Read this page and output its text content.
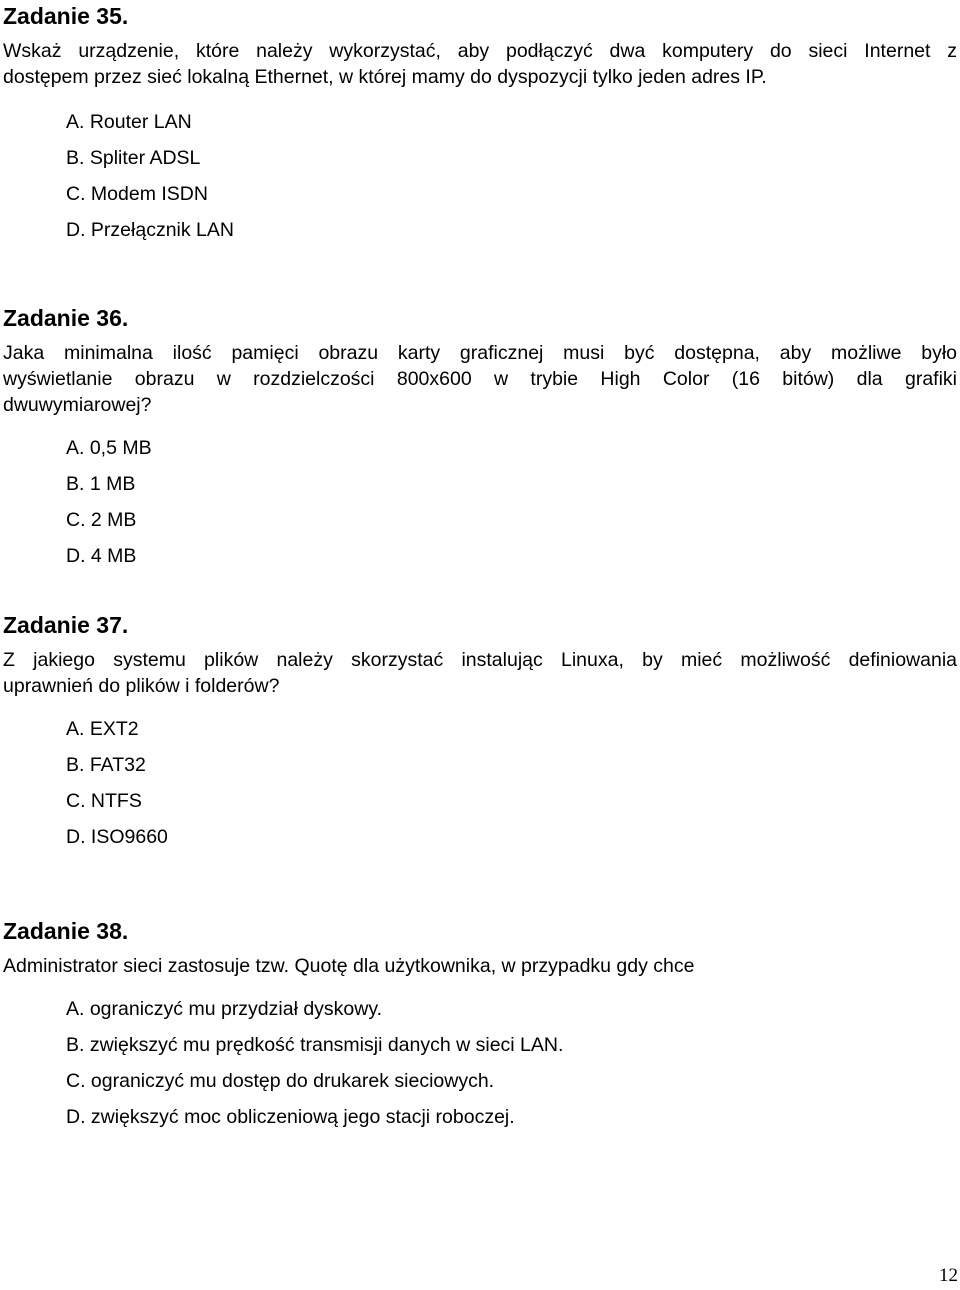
Zadanie 35.

Wskaż urządzenie, które należy wykorzystać, aby podłączyć dwa komputery do sieci Internet z
dostępem przez sieć lokalną Ethernet, w której mamy do dyspozycji tylko jeden adres IP.

A. Router LAN
B. Spliter ADSL
C. Modem ISDN
D. Przełącznik LAN
Zadanie 36.

Jaka minimalna ilość pamięci obrazu karty graficznej musi być dostępna, aby możliwe było
wyświetlanie obrazu w rozdzielczości 800x600 w trybie High Color (16 bitów) dla grafiki
dwuwymiarowej?

A. 0,5 MB
B. 1 MB
C. 2 MB
D. 4 MB
Zadanie 37.

Z jakiego systemu plików należy skorzystać instalując Linuxa, by mieć możliwość definiowania
uprawnień do plików i folderów?

A. EXT2
B. FAT32
C. NTFS
D. ISO9660
Zadanie 38.

Administrator sieci zastosuje tzw. Quotę dla użytkownika, w przypadku gdy chce

A. ograniczyć mu przydział dyskowy.
B. zwiększyć mu prędkość transmisji danych w sieci LAN.
C. ograniczyć mu dostęp do drukarek sieciowych.
D. zwiększyć moc obliczeniową jego stacji roboczej.
12
